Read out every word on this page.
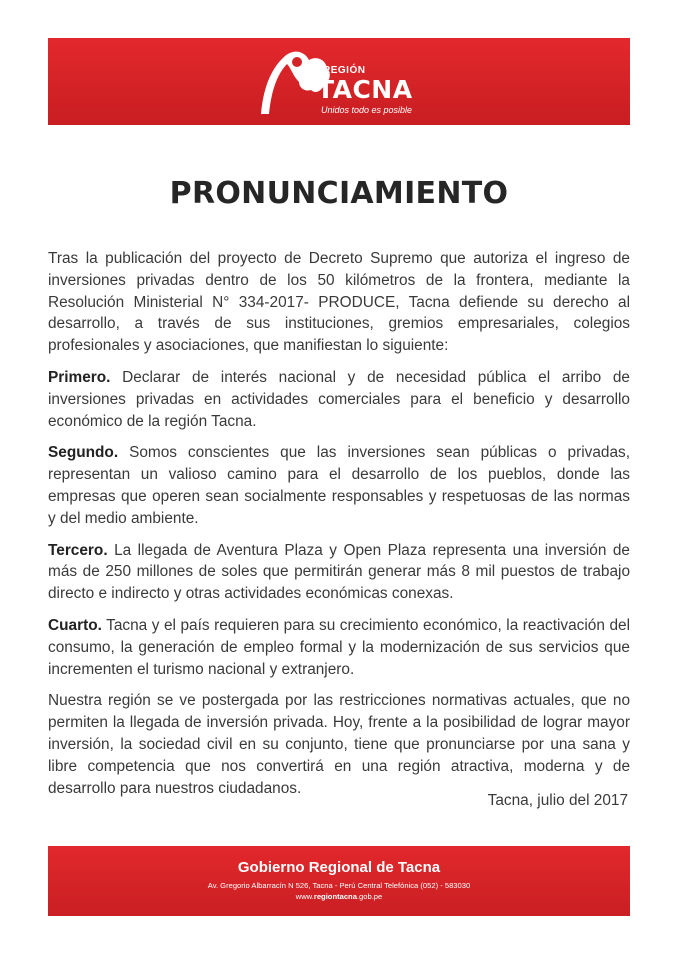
REGIÓN
TACNA
Unidos todo es posible
PRONUNCIAMIENTO

Tras la publicación del proyecto de Decreto Supremo que autoriza el ingreso de inversiones privadas dentro de los 50 kilómetros de la frontera, mediante la Resolución Ministerial N° 334-2017- PRODUCE, Tacna defiende su derecho al desarrollo, a través de sus instituciones, gremios empresariales, colegios profesionales y asociaciones, que manifiestan lo siguiente:

Primero. Declarar de interés nacional y de necesidad pública el arribo de inversiones privadas en actividades comerciales para el beneficio y desarrollo económico de la región Tacna.

Segundo. Somos conscientes que las inversiones sean públicas o privadas, representan un valioso camino para el desarrollo de los pueblos, donde las empresas que operen sean socialmente responsables y respetuosas de las normas y del medio ambiente.

Tercero. La llegada de Aventura Plaza y Open Plaza representa una inversión de más de 250 millones de soles que permitirán generar más 8 mil puestos de trabajo directo e indirecto y otras actividades económicas conexas.

Cuarto. Tacna y el país requieren para su crecimiento económico, la reactivación del consumo, la generación de empleo formal y la modernización de sus servicios que incrementen el turismo nacional y extranjero.

Nuestra región se ve postergada por las restricciones normativas actuales, que no permiten la llegada de inversión privada. Hoy, frente a la posibilidad de lograr mayor inversión, la sociedad civil en su conjunto, tiene que pronunciarse por una sana y libre competencia que nos convertirá en una región atractiva, moderna y de desarrollo para nuestros ciudadanos.

Tacna, julio del 2017
Gobierno Regional de Tacna
Av. Gregorio Albarracín N 526, Tacna - Perú Central Telefónica (052) - 583030
www.regiontacna.gob.pe
